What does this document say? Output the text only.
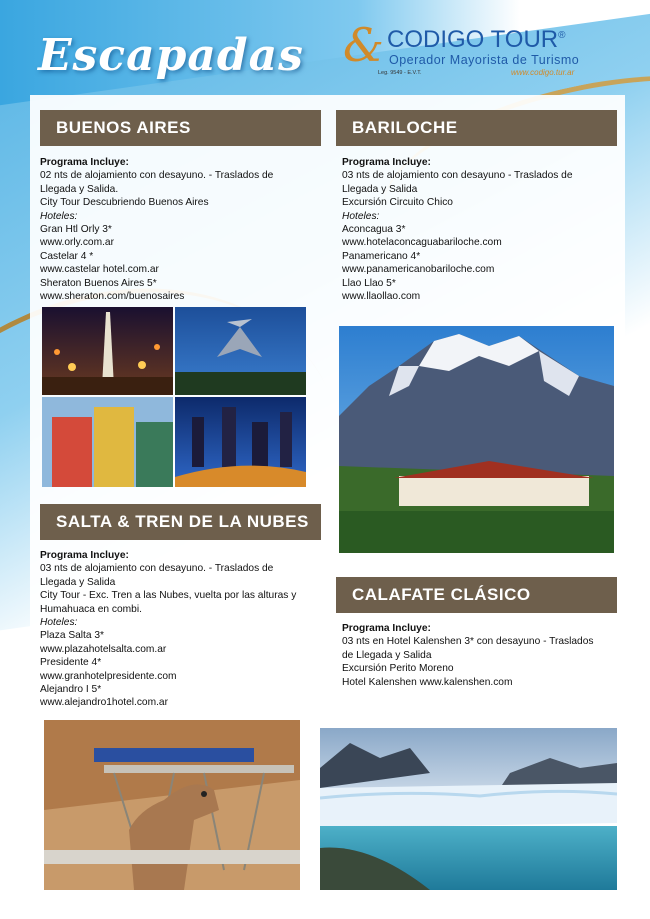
Escapadas & CODIGO TOUR®
Operador Mayorista de Turismo
Leg. 9549 - E.V.T.	www.codigo.tur.ar
BUENOS AIRES
Programa Incluye:
02 nts de alojamiento con desayuno. - Traslados de
Llegada y Salida.
City Tour Descubriendo Buenos Aires
Hoteles:
Gran Htl Orly 3*
www.orly.com.ar
Castelar 4 *
www.castelar hotel.com.ar
Sheraton Buenos Aires 5*
www.sheraton.com/buenosaires
BARILOCHE
Programa Incluye:
03 nts de alojamiento con desayuno - Traslados de
Llegada y Salida
Excursión Circuito Chico
Hoteles:
Aconcagua 3*
www.hotelaconcaguabariloche.com
Panamericano 4*
www.panamericanobariloche.com
Llao Llao 5*
www.llaollao.com
SALTA & TREN DE LA NUBES
Programa Incluye:
03 nts de alojamiento con desayuno. - Traslados de
Llegada y Salida
City Tour - Exc. Tren a las Nubes, vuelta por las alturas y
Humahuaca en combi.
Hoteles:
Plaza Salta 3*
www.plazahotelsalta.com.ar
Presidente 4*
www.granhotelpresidente.com
Alejandro I 5*
www.alejandro1hotel.com.ar
CALAFATE CLÁSICO
Programa Incluye:
03 nts en Hotel Kalenshen 3* con desayuno - Traslados
de Llegada y Salida
Excursión Perito Moreno
Hotel Kalenshen www.kalenshen.com
